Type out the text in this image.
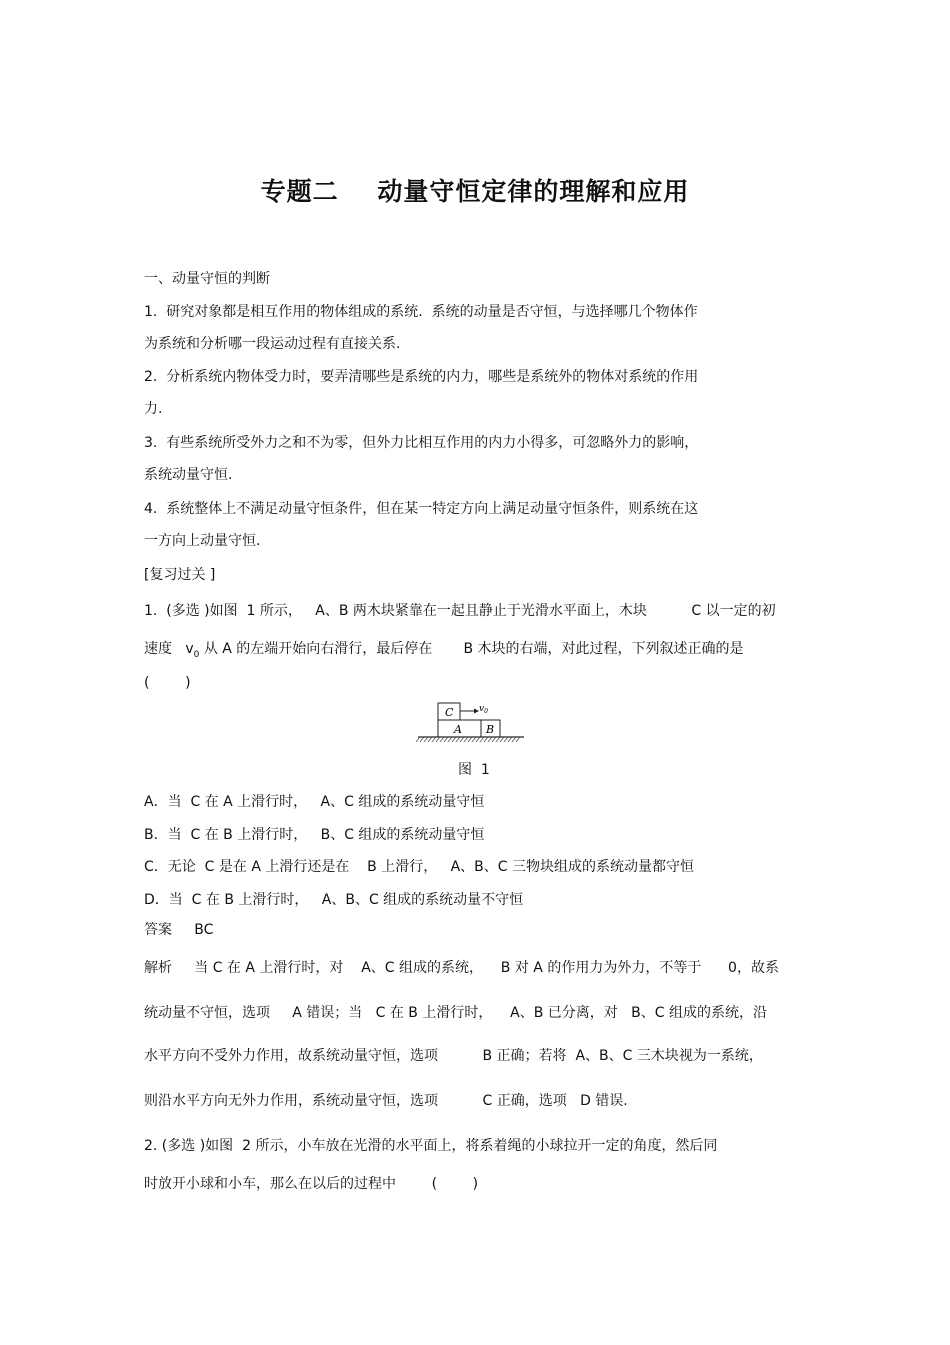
专题二    动量守恒定律的理解和应用
一、动量守恒的判断
1.  研究对象都是相互作用的物体组成的系统.  系统的动量是否守恒，与选择哪几个物体作
为系统和分析哪一段运动过程有直接关系.
2.  分析系统内物体受力时，要弄清哪些是系统的内力，哪些是系统外的物体对系统的作用
力.
3.  有些系统所受外力之和不为零，但外力比相互作用的内力小得多，可忽略外力的影响，
系统动量守恒.
4.  系统整体上不满足动量守恒条件，但在某一特定方向上满足动量守恒条件，则系统在这
一方向上动量守恒.
[复习过关 ]
1.  (多选 )如图  1 所示，   A、B 两木块紧靠在一起且静止于光滑水平面上，木块          C 以一定的初
速度   $v_0$ 从 A 的左端开始向右滑行，最后停在       B 木块的右端，对此过程，下列叙述正确的是
(        )
C	$v_0$
A B
图  1
A．当  C 在 A 上滑行时，   A、C 组成的系统动量守恒
B．当  C 在 B 上滑行时，   B、C 组成的系统动量守恒
C．无论  C 是在 A 上滑行还是在    B 上滑行，   A、B、C 三物块组成的系统动量都守恒
D．当  C 在 B 上滑行时，   A、B、C 组成的系统动量不守恒
答案     BC
解析     当 C 在 A 上滑行时，对    A、C 组成的系统，    B 对 A 的作用力为外力，不等于      0，故系
统动量不守恒，选项     A 错误；当   C 在 B 上滑行时，    A、B 已分离，对   B、C 组成的系统，沿
水平方向不受外力作用，故系统动量守恒，选项          B 正确；若将  A、B、C 三木块视为一系统，
则沿水平方向无外力作用，系统动量守恒，选项          C 正确，选项   D 错误.
2. (多选 )如图  2 所示，小车放在光滑的水平面上，将系着绳的小球拉开一定的角度，然后同
时放开小球和小车，那么在以后的过程中        (        )
